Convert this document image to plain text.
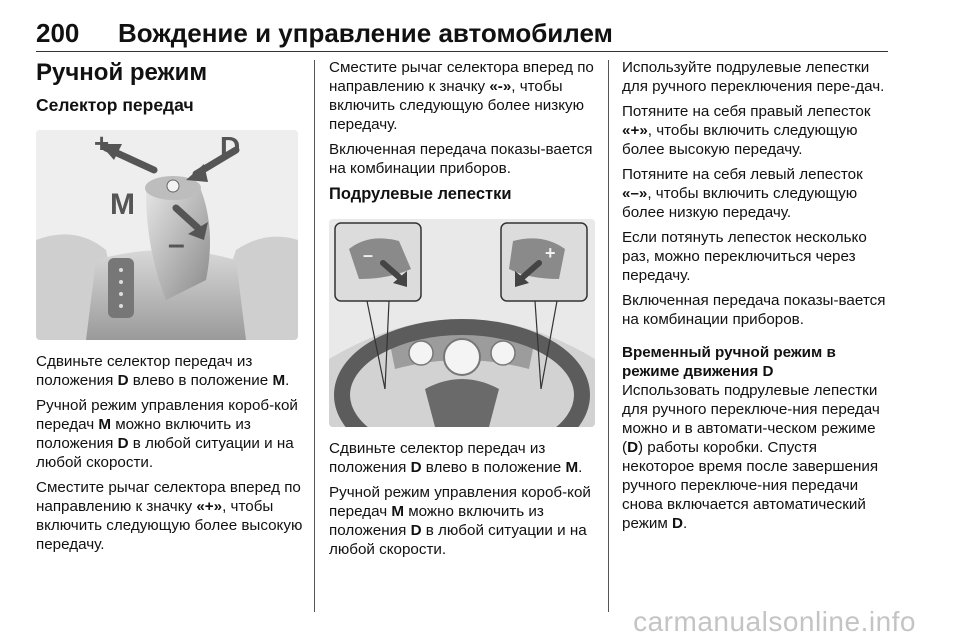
200 Вождение и управление автомобилем
Ручной режим
Селектор передач
+	D
M
–

Сдвиньте селектор передач из положения D влево в положение M.

Ручной режим управления короб-кой передач M можно включить из положения D в любой ситуации и на любой скорости.

Сместите рычаг селектора вперед по направлению к значку «+», чтобы включить следующую более высокую передачу.

Сместите рычаг селектора вперед по направлению к значку «-», чтобы включить следующую более низкую передачу.

Включенная передача показы-вается на комбинации приборов.

Подрулевые лепестки
–	+

Сдвиньте селектор передач из положения D влево в положение M.

Ручной режим управления короб-кой передач M можно включить из положения D в любой ситуации и на любой скорости.

Используйте подрулевые лепестки для ручного переключения пере-дач.

Потяните на себя правый лепесток «+», чтобы включить следующую более высокую передачу.

Потяните на себя левый лепесток «–», чтобы включить следующую более низкую передачу.

Если потянуть лепесток несколько раз, можно переключиться через передачу.

Включенная передача показы-вается на комбинации приборов.

Временный ручной режим в режиме движения D

Использовать подрулевые лепестки для ручного переключе-ния передач можно и в автомати-ческом режиме (D) работы коробки. Спустя некоторое время после завершения ручного переключе-ния передачи снова включается автоматический режим D.

carmanualsonline.info
